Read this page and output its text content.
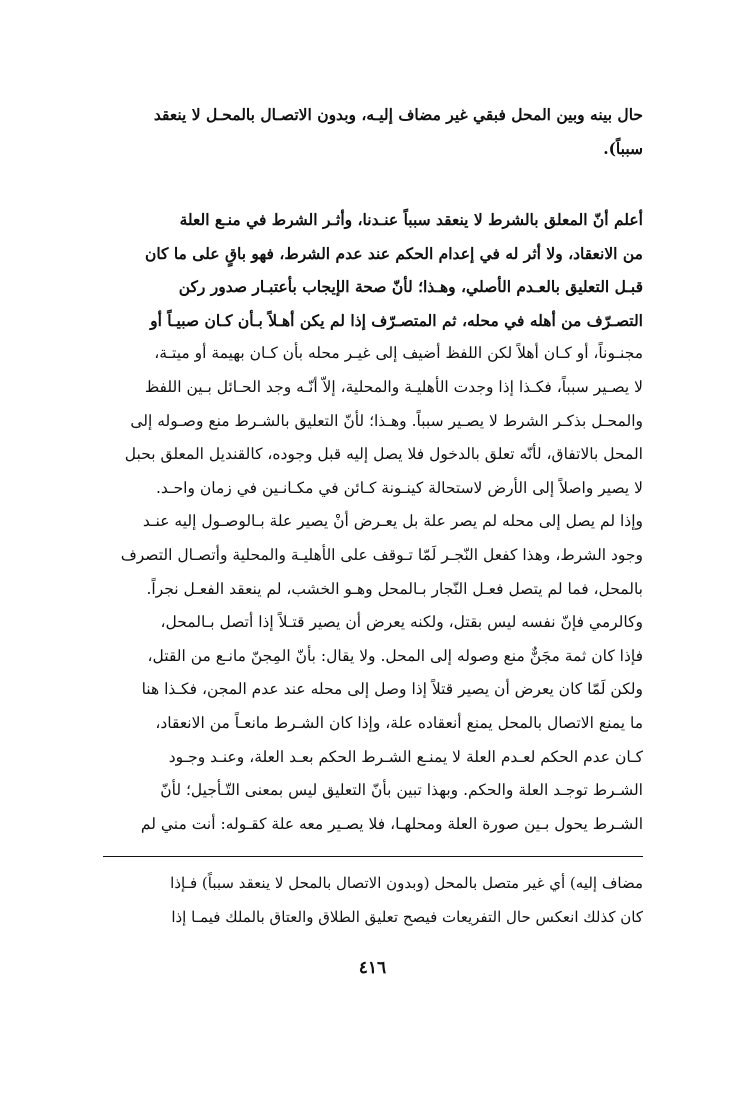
حال بينه وبين المحل فبقي غير مضاف إليـه، وبدون الاتصـال بالمحـل لا ينعقد
سبباً).
أعلم أنّ المعلق بالشرط لا ينعقد سبباً عنـدنا، وأثـر الشرط في منـع العلة
من الانعقاد، ولا أثر له في إعدام الحكم عند عدم الشرط، فهو باقٍ على ما كان
قبـل التعليق بالعـدم الأصلي، وهـذا؛ لأنّ صحة الإيجاب بأعتبـار صدور ركن
التصـرّف من أهله في محله، ثم المتصـرّف إذا لم يكن أهـلاً بـأن كـان صبيـاً أو
مجنـوناً، أو كـان أهلاً لكن اللفظ أضيف إلى غيـر محله بأن كـان بهيمة أو ميتـة،
لا يصـير سبباً، فكـذا إذا وجدت الأهليـة والمحلية، إلاّ أنّـه وجد الحـائل بـين اللفظ
والمحـل بذكـر الشرط لا يصـير سبباً. وهـذا؛ لأنّ التعليق بالشـرط منع وصـوله إلى
المحل بالاتفاق، لأنّه تعلق بالدخول فلا يصل إليه قبل وجوده، كالقنديل المعلق بحبل
لا يصير واصلاً إلى الأرض لاستحالة كينـونة كـائن في مكـانـين في زمان واحـد.
وإذا لم يصل إلى محله لم يصر علة بل يعـرض أنْ يصير علة بـالوصـول إليه عنـد
وجود الشرط، وهذا كفعل النّجـر لَمّا تـوقف على الأهليـة والمحلية وأتصـال التصرف
بالمحل، فما لم يتصل فعـل النّجار بـالمحل وهـو الخشب، لم ينعقد الفعـل نجراً.
وكالرمي فإنّ نفسه ليس بقتل، ولكنه يعرض أن يصير قتـلاً إذا أتصل بـالمحل،
فإذا كان ثمة مجَنٌّ منع وصوله إلى المحل. ولا يقال: بأنّ المِجنّ مانـع من القتل،
ولكن لَمّا كان يعرض أن يصير قتلاً إذا وصل إلى محله عند عدم المجن، فكـذا هنا
ما يمنع الاتصال بالمحل يمنع أنعقاده علة، وإذا كان الشـرط مانعـاً من الانعقاد،
كـان عدم الحكم لعـدم العلة لا يمنـع الشـرط الحكم بعـد العلة، وعنـد وجـود
الشـرط توجـد العلة والحكم. وبهذا تبين بأنّ التعليق ليس بمعنى التّـأجيل؛ لأنّ
الشـرط يحول بـين صورة العلة ومحلهـا، فلا يصـير معه علة كقـوله: أنت مني لم
مضاف إليه) أي غير متصل بالمحل (وبدون الاتصال بالمحل لا ينعقد سبباً) فـإذا
كان كذلك انعكس حال التفريعات فيصح تعليق الطلاق والعتاق بالملك فيمـا إذا
٤١٦
